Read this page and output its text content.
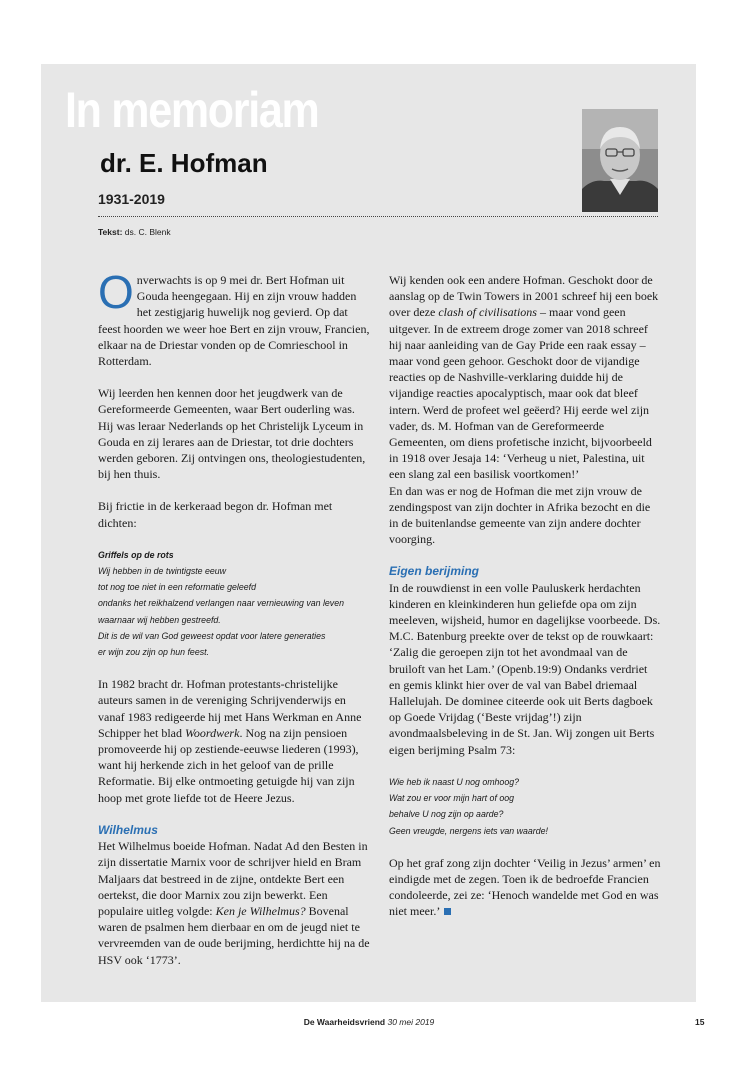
In memoriam
dr. E. Hofman
1931-2019
Tekst: ds. C. Blenk

Onverwachts is op 9 mei dr. Bert Hofman uit Gouda heengegaan. Hij en zijn vrouw hadden het zestigjarig huwelijk nog gevierd. Op dat feest hoorden we weer hoe Bert en zijn vrouw, Francien, elkaar na de Driestar vonden op de Comrieschool in Rotterdam.

Wij leerden hen kennen door het jeugdwerk van de Gereformeerde Gemeenten, waar Bert ouderling was. Hij was leraar Nederlands op het Christelijk Lyceum in Gouda en zij lerares aan de Driestar, tot drie dochters werden geboren. Zij ontvingen ons, theologiestudenten, bij hen thuis.

Bij frictie in de kerkeraad begon dr. Hofman met dichten:

Griffels op de rots
Wij hebben in de twintigste eeuw
tot nog toe niet in een reformatie geleefd
ondanks het reikhalzend verlangen naar vernieuwing van leven
waarnaar wij hebben gestreefd.
Dit is de wil van God geweest opdat voor latere generaties
er wijn zou zijn op hun feest.

In 1982 bracht dr. Hofman protestants-christelijke auteurs samen in de vereniging Schrijvenderwijs en vanaf 1983 redigeerde hij met Hans Werkman en Anne Schipper het blad Woordwerk. Nog na zijn pensioen promoveerde hij op zestiende-eeuwse liederen (1993), want hij herkende zich in het geloof van de prille Reformatie. Bij elke ontmoeting getuigde hij van zijn hoop met grote liefde tot de Heere Jezus.

Wilhelmus

Het Wilhelmus boeide Hofman. Nadat Ad den Besten in zijn dissertatie Marnix voor de schrijver hield en Bram Maljaars dat bestreed in de zijne, ontdekte Bert een oertekst, die door Marnix zou zijn bewerkt. Een populaire uitleg volgde: Ken je Wilhelmus? Bovenal waren de psalmen hem dierbaar en om de jeugd niet te vervreemden van de oude berijming, herdichtte hij na de HSV ook ‘1773’.

Wij kenden ook een andere Hofman. Geschokt door de aanslag op de Twin Towers in 2001 schreef hij een boek over deze clash of civilisations – maar vond geen uitgever. In de extreem droge zomer van 2018 schreef hij naar aanleiding van de Gay Pride een raak essay – maar vond geen gehoor. Geschokt door de vijandige reacties op de Nashville-verklaring duidde hij de vijandige reacties apocalyptisch, maar ook dat bleef intern. Werd de profeet wel geëerd? Hij eerde wel zijn vader, ds. M. Hofman van de Gereformeerde Gemeenten, om diens profetische inzicht, bijvoorbeeld in 1918 over Jesaja 14: ‘Verheug u niet, Palestina, uit een slang zal een basilisk voortkomen!’

En dan was er nog de Hofman die met zijn vrouw de zendingspost van zijn dochter in Afrika bezocht en die in de buitenlandse gemeente van zijn andere dochter voorging.

Eigen berijming

In de rouwdienst in een volle Pauluskerk herdachten kinderen en kleinkinderen hun geliefde opa om zijn meeleven, wijsheid, humor en dagelijkse voorbeede. Ds. M.C. Batenburg preekte over de tekst op de rouwkaart: ‘Zalig die geroepen zijn tot het avondmaal van de bruiloft van het Lam.’ (Openb.19:9) Ondanks verdriet en gemis klinkt hier over de val van Babel driemaal Hallelujah. De dominee citeerde ook uit Berts dagboek op Goede Vrijdag (‘Beste vrijdag’!) zijn avondmaalsbeleving in de St. Jan. Wij zongen uit Berts eigen berijming Psalm 73:

Wie heb ik naast U nog omhoog?
Wat zou er voor mijn hart of oog
behalve U nog zijn op aarde?
Geen vreugde, nergens iets van waarde!

Op het graf zong zijn dochter ‘Veilig in Jezus’ armen’ en eindigde met de zegen. Toen ik de bedroefde Francien condoleerde, zei ze: ‘Henoch wandelde met God en was niet meer.’

De Waarheidsvriend 30 mei 2019	15
